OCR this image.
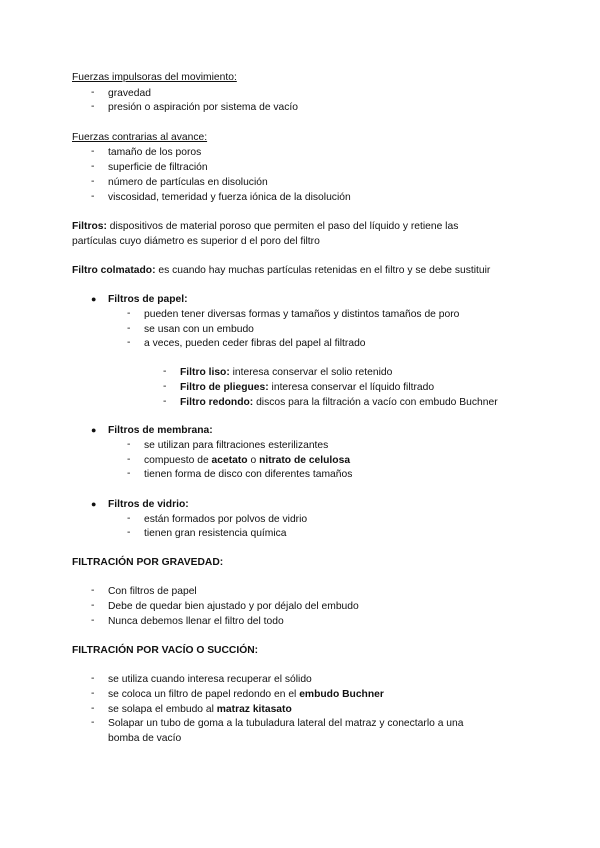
Fuerzas impulsoras del movimiento:
-	gravedad
-	presión o aspiración por sistema de vacío
Fuerzas contrarias al avance:
-	tamaño de los poros
-	superficie de filtración
-	número de partículas en disolución
-	viscosidad, temeridad y fuerza iónica de la disolución
Filtros: dispositivos de material poroso que permiten el paso del líquido y retiene las
partículas cuyo diámetro es superior d el poro del filtro
Filtro colmatado: es cuando hay muchas partículas retenidas en el filtro y se debe sustituir
● Filtros de papel:
-	pueden tener diversas formas y tamaños y distintos tamaños de poro
-	se usan con un embudo
-	a veces, pueden ceder fibras del papel al filtrado
-	Filtro liso: interesa conservar el solio retenido
-	Filtro de pliegues: interesa conservar el líquido filtrado
-	Filtro redondo: discos para la filtración a vacío con embudo Buchner
● Filtros de membrana:
-	se utilizan para filtraciones esterilizantes
-	compuesto de acetato o nitrato de celulosa
-	tienen forma de disco con diferentes tamaños
● Filtros de vidrio:
-	están formados por polvos de vidrio
-	tienen gran resistencia química
FILTRACIÓN POR GRAVEDAD:
-	Con filtros de papel
-	Debe de quedar bien ajustado y por déjalo del embudo
-	Nunca debemos llenar el filtro del todo
FILTRACIÓN POR VACÍO O SUCCIÓN:
-	se utiliza cuando interesa recuperar el sólido
-	se coloca un filtro de papel redondo en el embudo Buchner
-	se solapa el embudo al matraz kitasato
-	Solapar un tubo de goma a la tubuladura lateral del matraz y conectarlo a una
bomba de vacío
